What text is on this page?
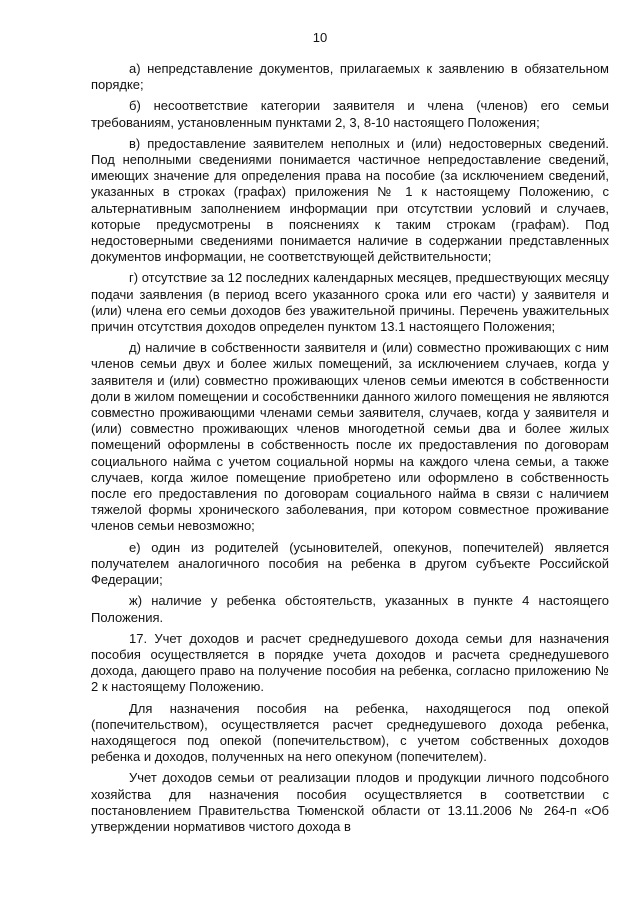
10

а) непредставление документов, прилагаемых к заявлению в обязательном порядке;

б) несоответствие категории заявителя и члена (членов) его семьи требованиям, установленным пунктами 2, 3, 8-10 настоящего Положения;

в) предоставление заявителем неполных и (или) недостоверных сведений. Под неполными сведениями понимается частичное непредоставление сведений, имеющих значение для определения права на пособие (за исключением сведений, указанных в строках (графах) приложения № 1 к настоящему Положению, с альтернативным заполнением информации при отсутствии условий и случаев, которые предусмотрены в пояснениях к таким строкам (графам). Под недостоверными сведениями понимается наличие в содержании представленных документов информации, не соответствующей действительности;

г) отсутствие за 12 последних календарных месяцев, предшествующих месяцу подачи заявления (в период всего указанного срока или его части) у заявителя и (или) члена его семьи доходов без уважительной причины. Перечень уважительных причин отсутствия доходов определен пунктом 13.1 настоящего Положения;

д) наличие в собственности заявителя и (или) совместно проживающих с ним членов семьи двух и более жилых помещений, за исключением случаев, когда у заявителя и (или) совместно проживающих членов семьи имеются в собственности доли в жилом помещении и сособственники данного жилого помещения не являются совместно проживающими членами семьи заявителя, случаев, когда у заявителя и (или) совместно проживающих членов многодетной семьи два и более жилых помещений оформлены в собственность после их предоставления по договорам социального найма с учетом социальной нормы на каждого члена семьи, а также случаев, когда жилое помещение приобретено или оформлено в собственность после его предоставления по договорам социального найма в связи с наличием тяжелой формы хронического заболевания, при котором совместное проживание членов семьи невозможно;

е) один из родителей (усыновителей, опекунов, попечителей) является получателем аналогичного пособия на ребенка в другом субъекте Российской Федерации;

ж) наличие у ребенка обстоятельств, указанных в пункте 4 настоящего Положения.

17. Учет доходов и расчет среднедушевого дохода семьи для назначения пособия осуществляется в порядке учета доходов и расчета среднедушевого дохода, дающего право на получение пособия на ребенка, согласно приложению № 2 к настоящему Положению.

Для назначения пособия на ребенка, находящегося под опекой (попечительством), осуществляется расчет среднедушевого дохода ребенка, находящегося под опекой (попечительством), с учетом собственных доходов ребенка и доходов, полученных на него опекуном (попечителем).

Учет доходов семьи от реализации плодов и продукции личного подсобного хозяйства для назначения пособия осуществляется в соответствии с постановлением Правительства Тюменской области от 13.11.2006 № 264-п «Об утверждении нормативов чистого дохода в
